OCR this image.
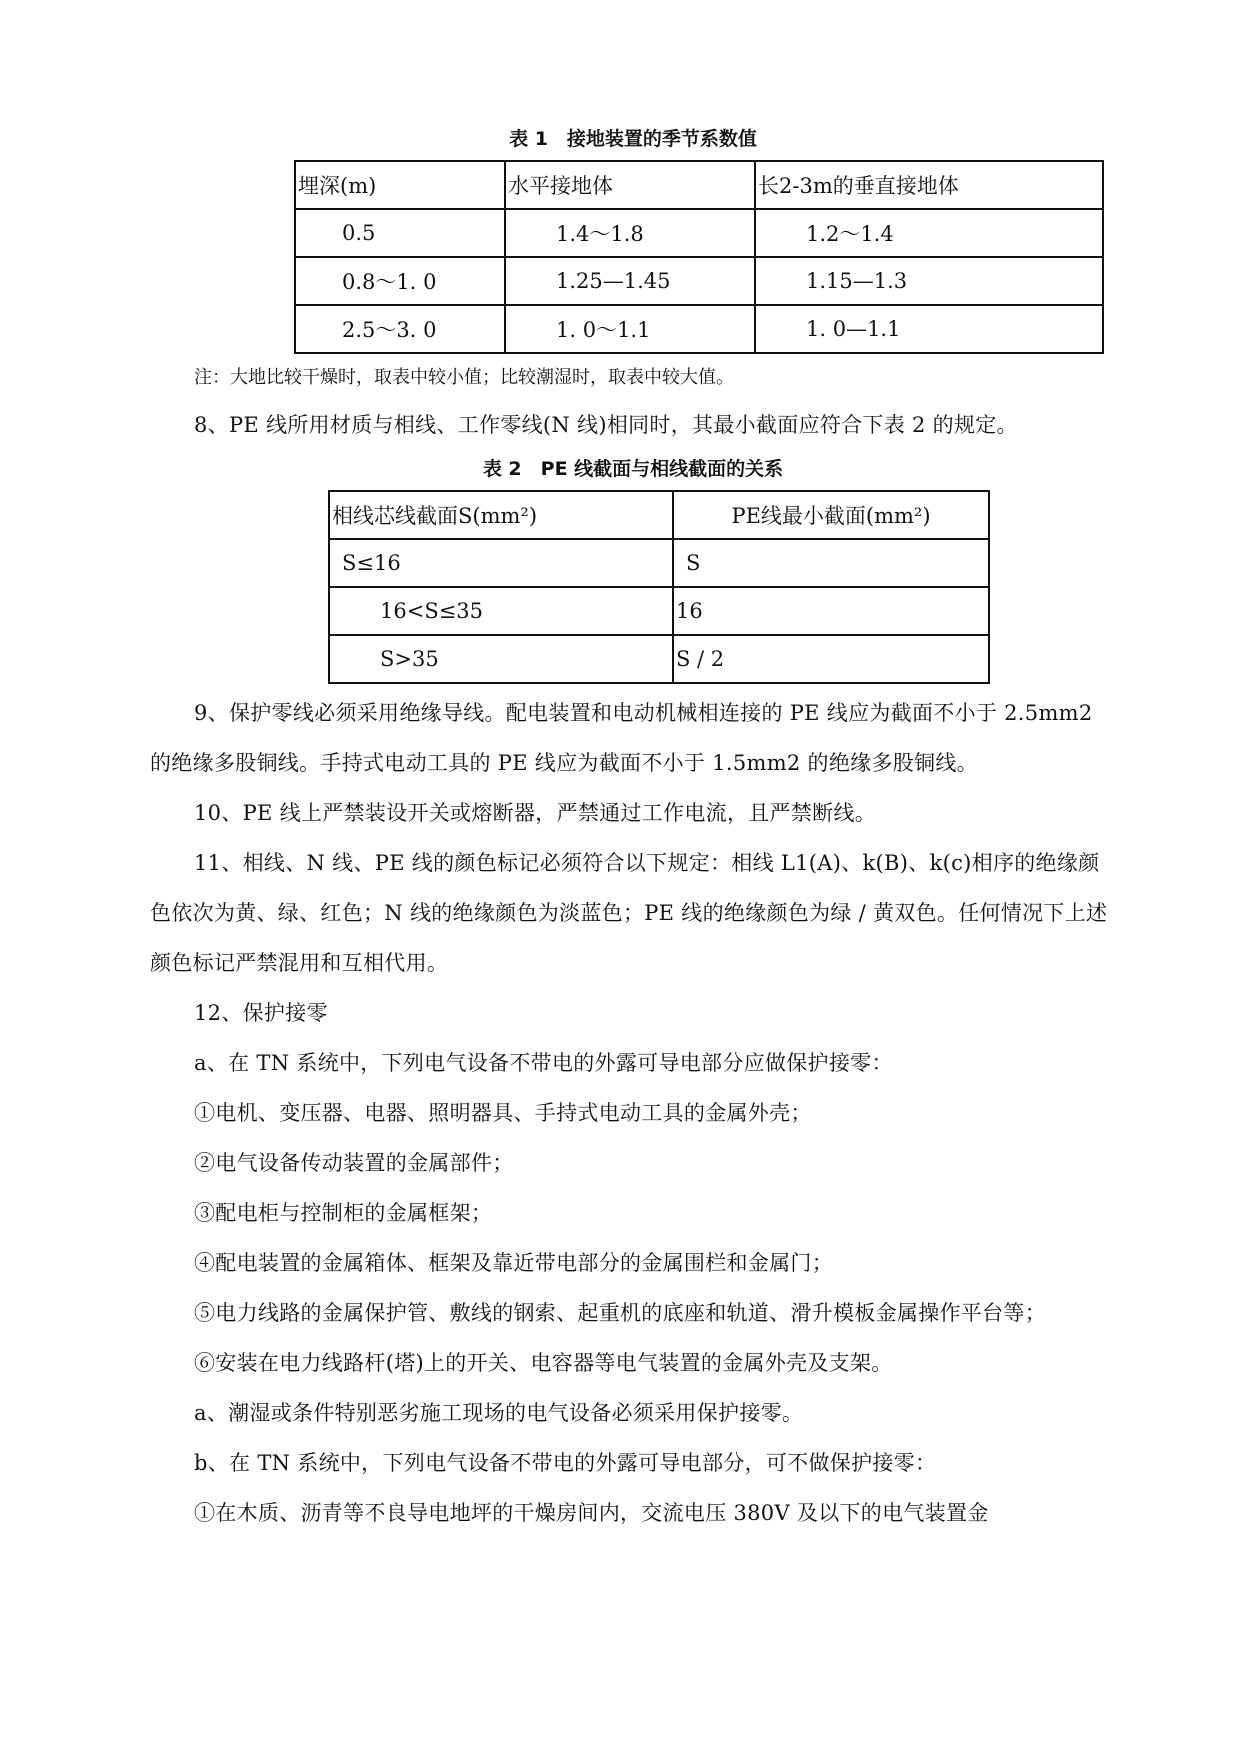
表 1　接地装置的季节系数值
埋深(m)	水平接地体	长2-3m的垂直接地体
0.5	1.4～1.8	1.2～1.4
0.8～1. 0	1.25—1.45	1.15—1.3
2.5～3. 0	1. 0～1.1	1. 0—1.1
注：大地比较干燥时，取表中较小值；比较潮湿时，取表中较大值。

8、PE 线所用材质与相线、工作零线(N 线)相同时，其最小截面应符合下表 2 的规定。

表 2　PE 线截面与相线截面的关系
相线芯线截面S(mm²)	PE线最小截面(mm²)
S≤16	S
16<S≤35	16
S>35	S / 2

9、保护零线必须采用绝缘导线。配电装置和电动机械相连接的 PE 线应为截面不小于 2.5mm2 的绝缘多股铜线。手持式电动工具的 PE 线应为截面不小于 1.5mm2 的绝缘多股铜线。

10、PE 线上严禁装设开关或熔断器，严禁通过工作电流，且严禁断线。

11、相线、N 线、PE 线的颜色标记必须符合以下规定：相线 L1(A)、k(B)、k(c)相序的绝缘颜色依次为黄、绿、红色；N 线的绝缘颜色为淡蓝色；PE 线的绝缘颜色为绿 / 黄双色。任何情况下上述颜色标记严禁混用和互相代用。

12、保护接零

a、在 TN 系统中，下列电气设备不带电的外露可导电部分应做保护接零：

①电机、变压器、电器、照明器具、手持式电动工具的金属外壳；

②电气设备传动装置的金属部件；

③配电柜与控制柜的金属框架；

④配电装置的金属箱体、框架及靠近带电部分的金属围栏和金属门；

⑤电力线路的金属保护管、敷线的钢索、起重机的底座和轨道、滑升模板金属操作平台等；

⑥安装在电力线路杆(塔)上的开关、电容器等电气装置的金属外壳及支架。

a、潮湿或条件特别恶劣施工现场的电气设备必须采用保护接零。

b、在 TN 系统中，下列电气设备不带电的外露可导电部分，可不做保护接零：

①在木质、沥青等不良导电地坪的干燥房间内，交流电压 380V 及以下的电气装置金
